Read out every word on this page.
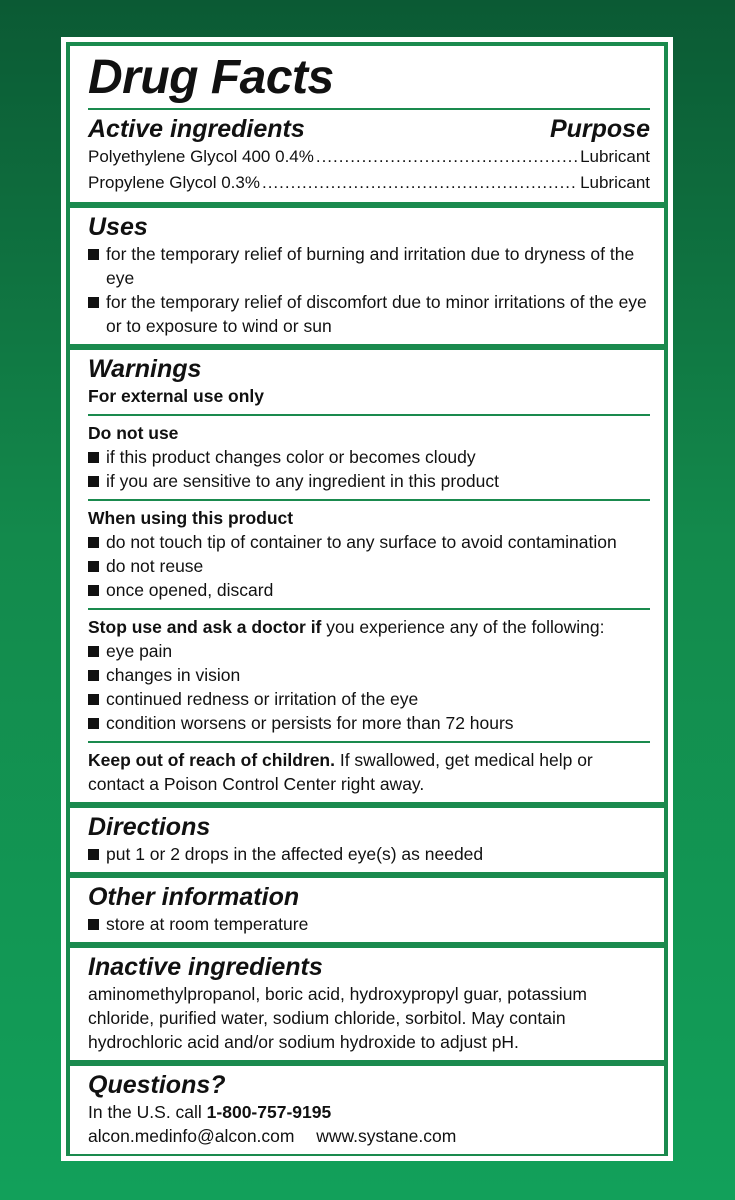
Drug Facts
Active ingredients	Purpose
Polyethylene Glycol 400 0.4% .....	Lubricant
Propylene Glycol 0.3% .....	Lubricant
Uses
for the temporary relief of burning and irritation due to dryness of the eye
for the temporary relief of discomfort due to minor irritations of the eye or to exposure to wind or sun
Warnings
For external use only
Do not use
if this product changes color or becomes cloudy
if you are sensitive to any ingredient in this product
When using this product
do not touch tip of container to any surface to avoid contamination
do not reuse
once opened, discard
Stop use and ask a doctor if you experience any of the following:
eye pain
changes in vision
continued redness or irritation of the eye
condition worsens or persists for more than 72 hours
Keep out of reach of children. If swallowed, get medical help or contact a Poison Control Center right away.
Directions
put 1 or 2 drops in the affected eye(s) as needed
Other information
store at room temperature
Inactive ingredients
aminomethylpropanol, boric acid, hydroxypropyl guar, potassium chloride, purified water, sodium chloride, sorbitol. May contain hydrochloric acid and/or sodium hydroxide to adjust pH.
Questions?
In the U.S. call 1-800-757-9195
alcon.medinfo@alcon.com www.systane.com
